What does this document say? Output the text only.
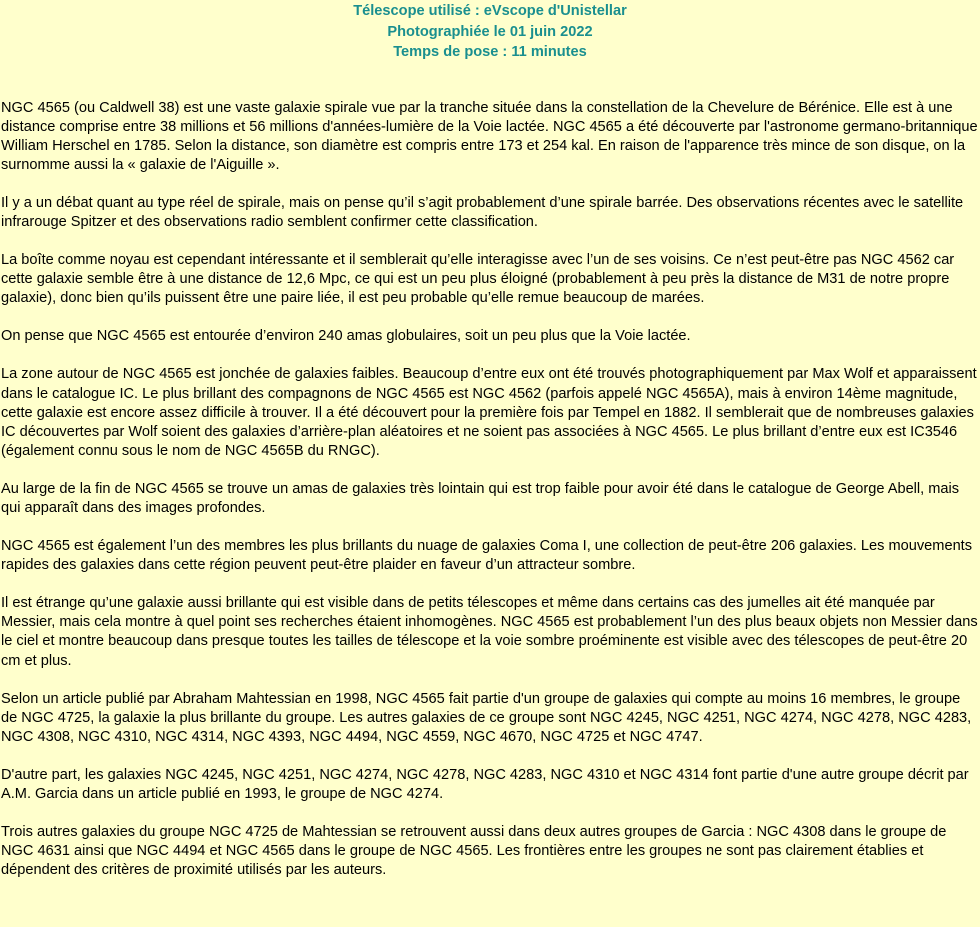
Télescope utilisé : eVscope d'Unistellar
Photographiée le 01 juin 2022
Temps de pose : 11 minutes

NGC 4565 (ou Caldwell 38) est une vaste galaxie spirale vue par la tranche située dans la constellation de la Chevelure de Bérénice. Elle est à une distance comprise entre 38 millions et 56 millions d'années-lumière de la Voie lactée. NGC 4565 a été découverte par l'astronome germano-britannique William Herschel en 1785. Selon la distance, son diamètre est compris entre 173 et 254 kal. En raison de l'apparence très mince de son disque, on la surnomme aussi la « galaxie de l'Aiguille ».

Il y a un débat quant au type réel de spirale, mais on pense qu’il s’agit probablement d’une spirale barrée. Des observations récentes avec le satellite infrarouge Spitzer et des observations radio semblent confirmer cette classification.

La boîte comme noyau est cependant intéressante et il semblerait qu’elle interagisse avec l’un de ses voisins. Ce n’est peut-être pas NGC 4562 car cette galaxie semble être à une distance de 12,6 Mpc, ce qui est un peu plus éloigné (probablement à peu près la distance de M31 de notre propre galaxie), donc bien qu’ils puissent être une paire liée, il est peu probable qu’elle remue beaucoup de marées.

On pense que NGC 4565 est entourée d’environ 240 amas globulaires, soit un peu plus que la Voie lactée.

La zone autour de NGC 4565 est jonchée de galaxies faibles. Beaucoup d’entre eux ont été trouvés photographiquement par Max Wolf et apparaissent dans le catalogue IC. Le plus brillant des compagnons de NGC 4565 est NGC 4562 (parfois appelé NGC 4565A), mais à environ 14ème magnitude, cette galaxie est encore assez difficile à trouver. Il a été découvert pour la première fois par Tempel en 1882. Il semblerait que de nombreuses galaxies IC découvertes par Wolf soient des galaxies d’arrière-plan aléatoires et ne soient pas associées à NGC 4565. Le plus brillant d’entre eux est IC3546 (également connu sous le nom de NGC 4565B du RNGC).

Au large de la fin de NGC 4565 se trouve un amas de galaxies très lointain qui est trop faible pour avoir été dans le catalogue de George Abell, mais qui apparaît dans des images profondes.

NGC 4565 est également l’un des membres les plus brillants du nuage de galaxies Coma I, une collection de peut-être 206 galaxies. Les mouvements rapides des galaxies dans cette région peuvent peut-être plaider en faveur d’un attracteur sombre.

Il est étrange qu’une galaxie aussi brillante qui est visible dans de petits télescopes et même dans certains cas des jumelles ait été manquée par Messier, mais cela montre à quel point ses recherches étaient inhomogènes. NGC 4565 est probablement l’un des plus beaux objets non Messier dans le ciel et montre beaucoup dans presque toutes les tailles de télescope et la voie sombre proéminente est visible avec des télescopes de peut-être 20 cm et plus.

Selon un article publié par Abraham Mahtessian en 1998, NGC 4565 fait partie d'un groupe de galaxies qui compte au moins 16 membres, le groupe de NGC 4725, la galaxie la plus brillante du groupe. Les autres galaxies de ce groupe sont NGC 4245, NGC 4251, NGC 4274, NGC 4278, NGC 4283, NGC 4308, NGC 4310, NGC 4314, NGC 4393, NGC 4494, NGC 4559, NGC 4670, NGC 4725 et NGC 4747.

D'autre part, les galaxies NGC 4245, NGC 4251, NGC 4274, NGC 4278, NGC 4283, NGC 4310 et NGC 4314 font partie d'une autre groupe décrit par A.M. Garcia dans un article publié en 1993, le groupe de NGC 4274.

Trois autres galaxies du groupe NGC 4725 de Mahtessian se retrouvent aussi dans deux autres groupes de Garcia : NGC 4308 dans le groupe de NGC 4631 ainsi que NGC 4494 et NGC 4565 dans le groupe de NGC 4565. Les frontières entre les groupes ne sont pas clairement établies et dépendent des critères de proximité utilisés par les auteurs.
